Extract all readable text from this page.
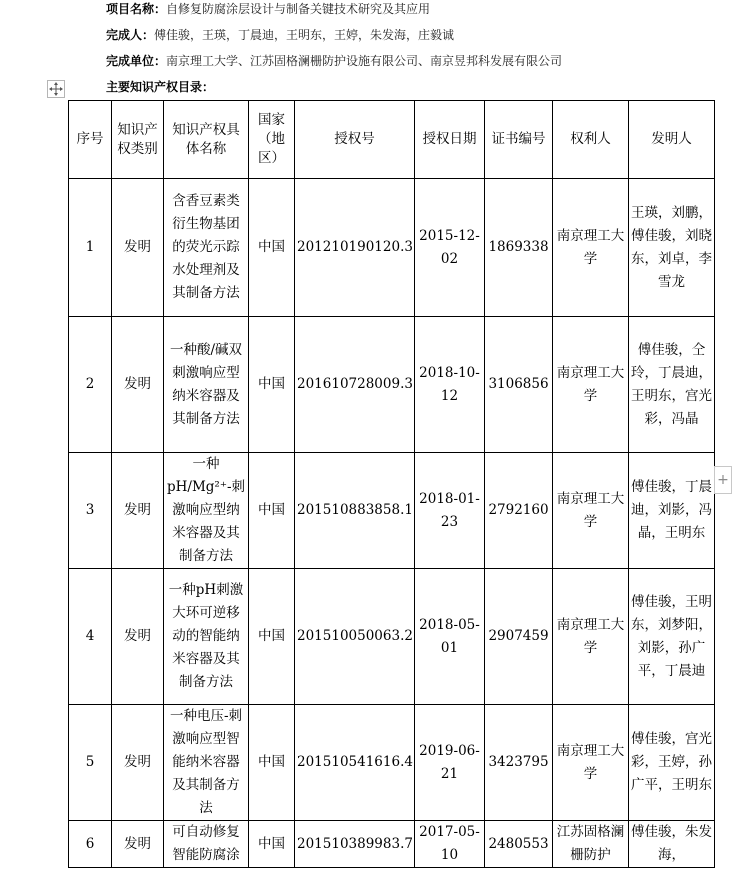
项目名称：自修复防腐涂层设计与制备关键技术研究及其应用
完成人：傅佳骏，王瑛，丁晨迪，王明东，王婷，朱发海，庄毅诚
完成单位：南京理工大学、江苏固格澜栅防护设施有限公司、南京昱邦科发展有限公司
主要知识产权目录：
序号	知识产权类别	知识产权具体名称	国家（地区）	授权号	授权日期	证书编号	权利人	发明人
1	发明	含香豆素类衍生物基团的荧光示踪水处理剂及其制备方法	中国	201210190120.3	2015-12-02	1869338	南京理工大学	王瑛，刘鹏，傅佳骏，刘晓东，刘卓，李雪龙
2	发明	一种酸/碱双刺激响应型纳米容器及其制备方法	中国	201610728009.3	2018-10-12	3106856	南京理工大学	傅佳骏，仝玲，丁晨迪，王明东，宫光彩，冯晶
3	发明	一种pH/Mg²⁺-刺激响应型纳米容器及其制备方法	中国	201510883858.1	2018-01-23	2792160	南京理工大学	傅佳骏，丁晨迪，刘影，冯晶，王明东
4	发明	一种pH刺激大环可逆移动的智能纳米容器及其制备方法	中国	201510050063.2	2018-05-01	2907459	南京理工大学	傅佳骏，王明东，刘梦阳，刘影，孙广平，丁晨迪
5	发明	一种电压-刺激响应型智能纳米容器及其制备方法	中国	201510541616.4	2019-06-21	3423795	南京理工大学	傅佳骏，宫光彩，王婷，孙广平，王明东
6	发明	可自动修复智能防腐涂	中国	201510389983.7	2017-05-10	2480553	江苏固格澜栅防护	傅佳骏，朱发海，
+
